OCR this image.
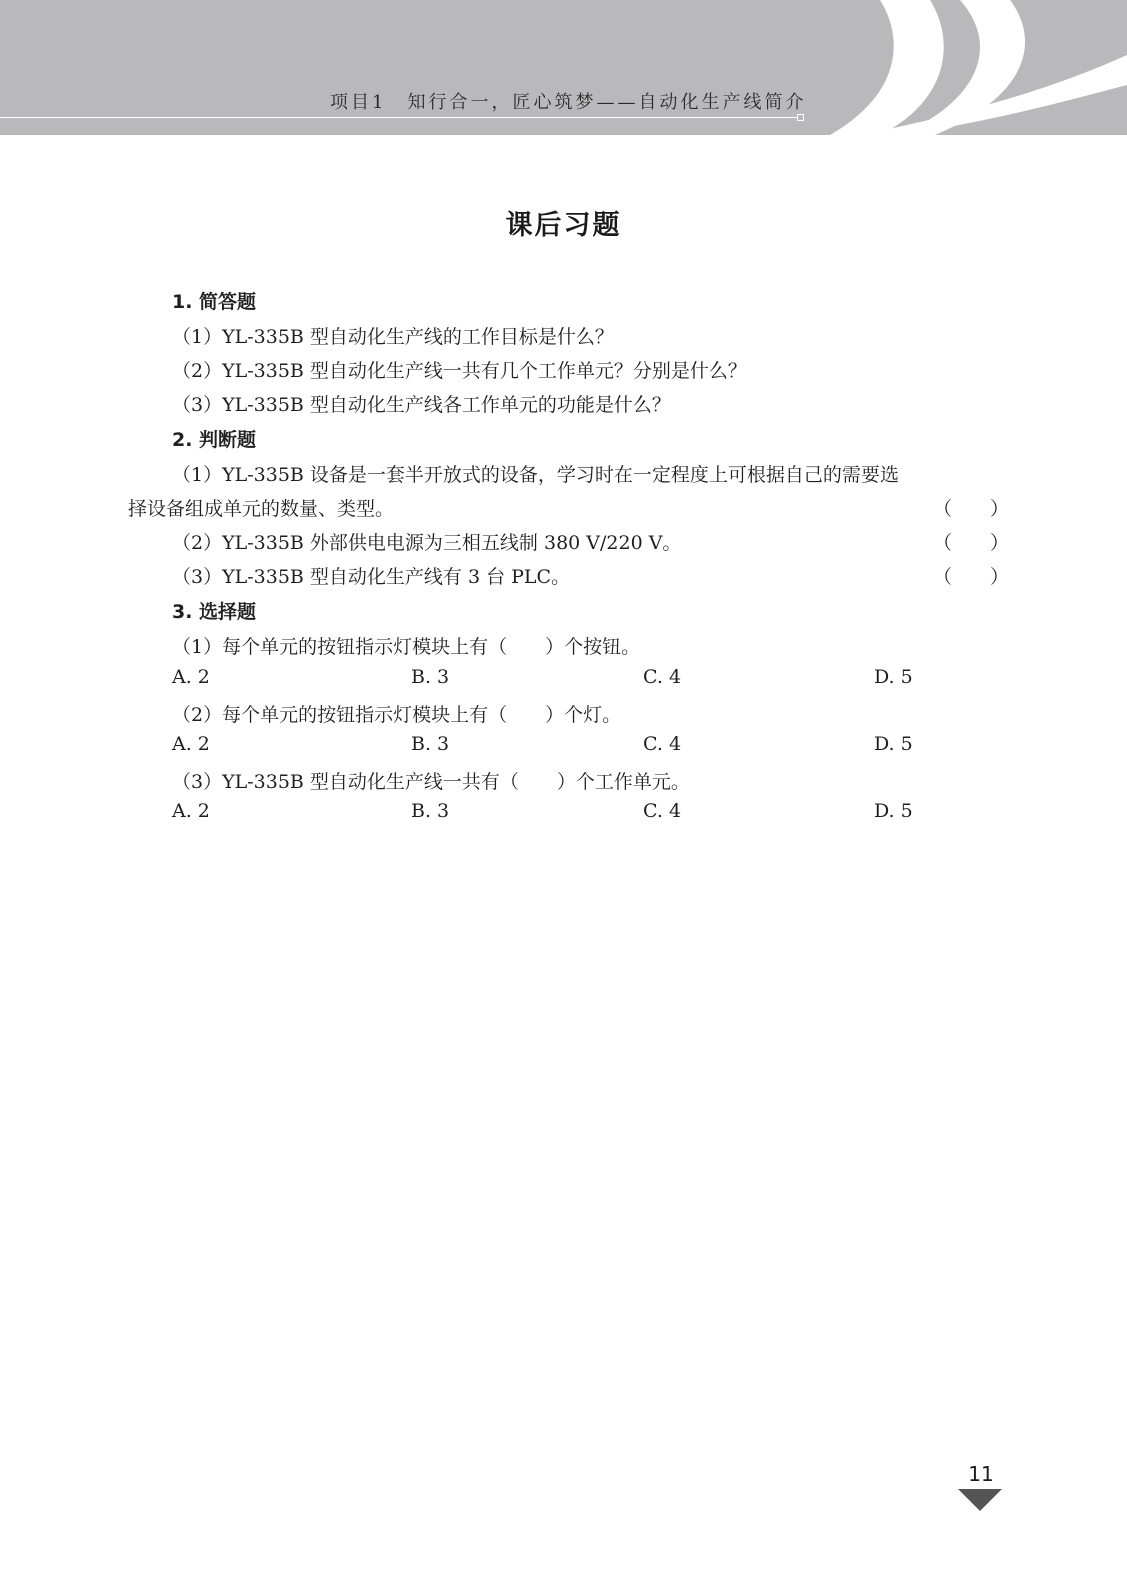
项目1　知行合一，匠心筑梦——自动化生产线简介
课后习题
1. 简答题
（1）YL-335B 型自动化生产线的工作目标是什么？
（2）YL-335B 型自动化生产线一共有几个工作单元？分别是什么？
（3）YL-335B 型自动化生产线各工作单元的功能是什么？
2. 判断题
（1）YL-335B 设备是一套半开放式的设备，学习时在一定程度上可根据自己的需要选
择设备组成单元的数量、类型。	（　　）
（2）YL-335B 外部供电电源为三相五线制 380 V/220 V。	（　　）
（3）YL-335B 型自动化生产线有 3 台 PLC。	（　　）
3. 选择题
（1）每个单元的按钮指示灯模块上有（　　）个按钮。
A. 2	B. 3	C. 4	D. 5
（2）每个单元的按钮指示灯模块上有（　　）个灯。
A. 2	B. 3	C. 4	D. 5
（3）YL-335B 型自动化生产线一共有（　　）个工作单元。
A. 2	B. 3	C. 4	D. 5
11
